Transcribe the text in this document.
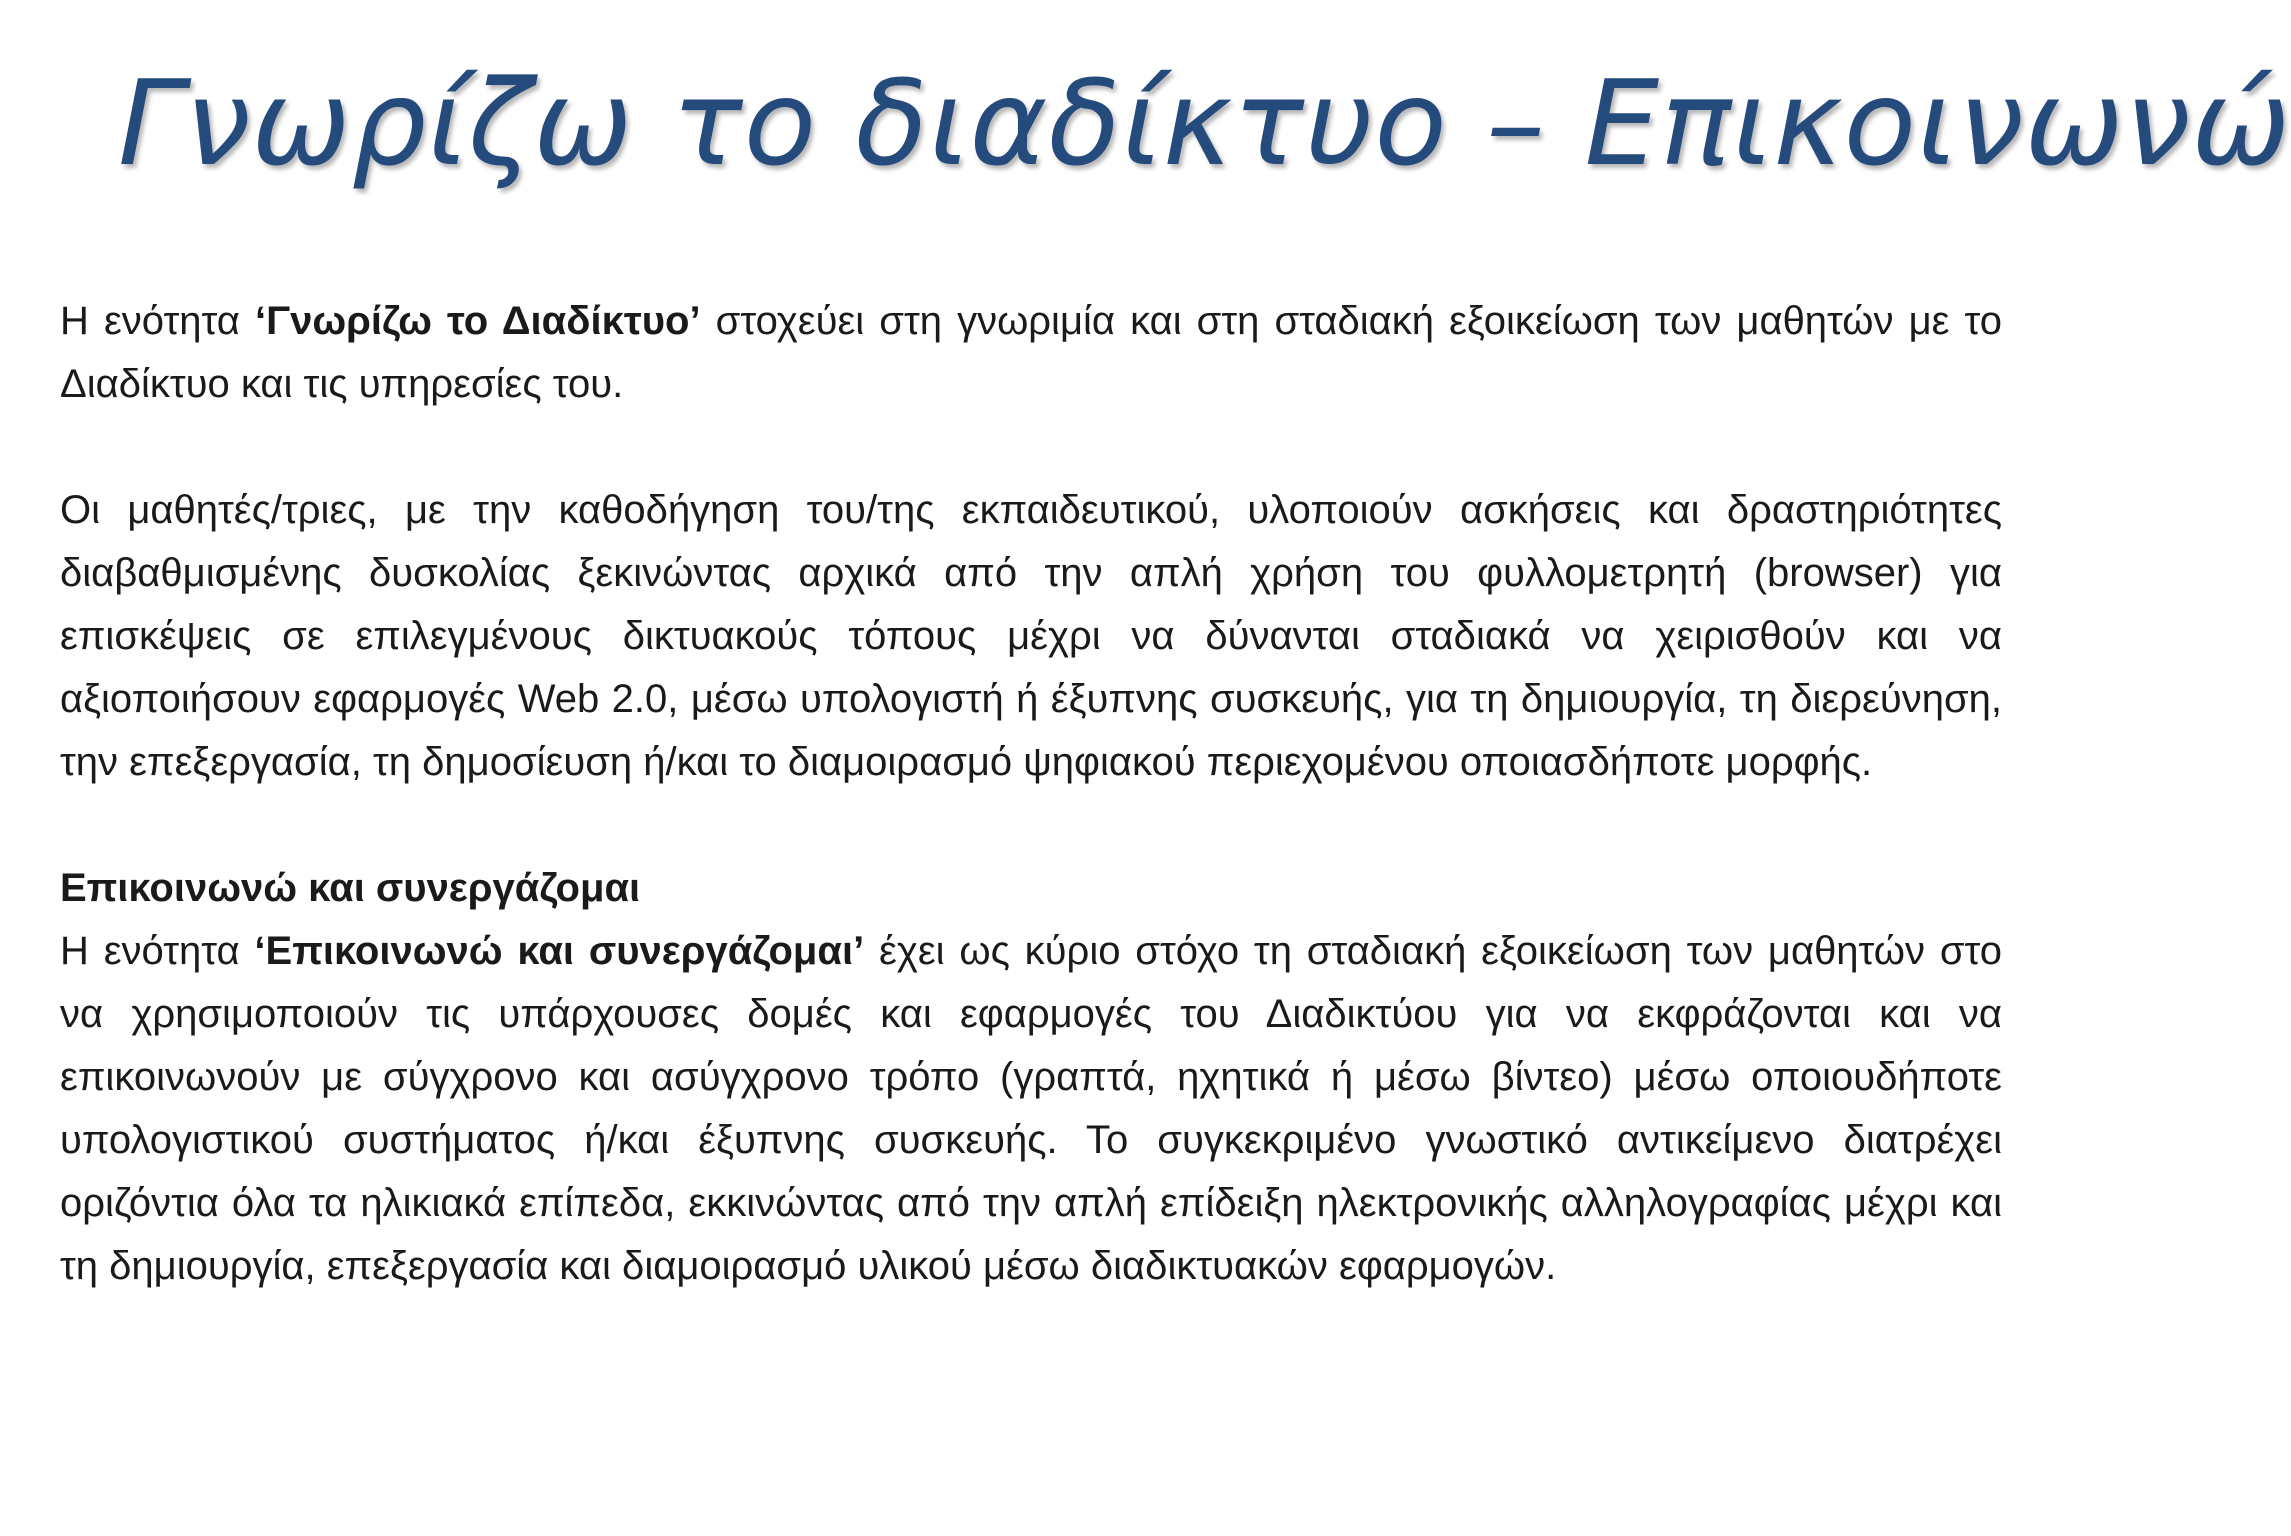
Γνωρίζω το διαδίκτυο – Επικοινωνώ

Η ενότητα ‘Γνωρίζω το Διαδίκτυο’ στοχεύει στη γνωριμία και στη σταδιακή εξοικείωση των μαθητών με το Διαδίκτυο και τις υπηρεσίες του.

Οι μαθητές/τριες, με την καθοδήγηση του/της εκπαιδευτικού, υλοποιούν ασκήσεις και δραστηριότητες διαβαθμισμένης δυσκολίας ξεκινώντας αρχικά από την απλή χρήση του φυλλομετρητή (browser) για επισκέψεις σε επιλεγμένους δικτυακούς τόπους μέχρι να δύνανται σταδιακά να χειρισθούν και να αξιοποιήσουν εφαρμογές Web 2.0, μέσω υπολογιστή ή έξυπνης συσκευής, για τη δημιουργία, τη διερεύνηση, την επεξεργασία, τη δημοσίευση ή/και το διαμοιρασμό ψηφιακού περιεχομένου οποιασδήποτε μορφής.

Επικοινωνώ και συνεργάζομαι

Η ενότητα ‘Επικοινωνώ και συνεργάζομαι’ έχει ως κύριο στόχο τη σταδιακή εξοικείωση των μαθητών στο να χρησιμοποιούν τις υπάρχουσες δομές και εφαρμογές του Διαδικτύου για να εκφράζονται και να επικοινωνούν με σύγχρονο και ασύγχρονο τρόπο (γραπτά, ηχητικά ή μέσω βίντεο) μέσω οποιουδήποτε υπολογιστικού συστήματος ή/και έξυπνης συσκευής. Το συγκεκριμένο γνωστικό αντικείμενο διατρέχει οριζόντια όλα τα ηλικιακά επίπεδα, εκκινώντας από την απλή επίδειξη ηλεκτρονικής αλληλογραφίας μέχρι και τη δημιουργία, επεξεργασία και διαμοιρασμό υλικού μέσω διαδικτυακών εφαρμογών.
